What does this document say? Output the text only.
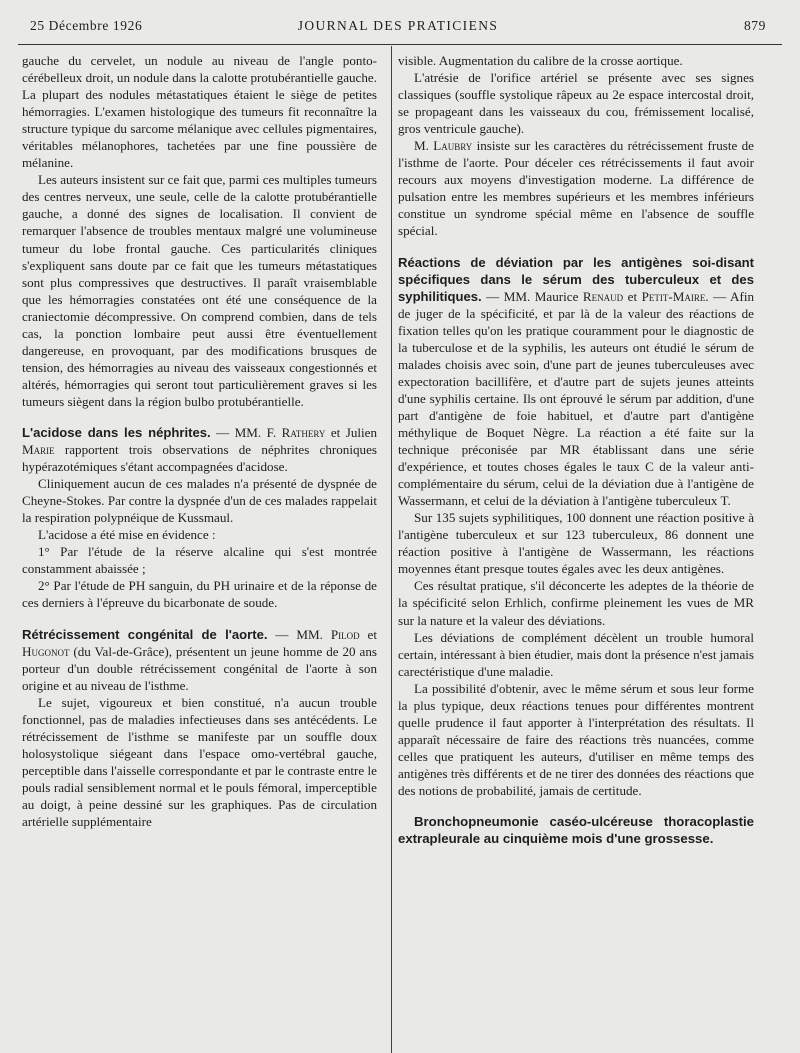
25 Décembre 1926	JOURNAL DES PRATICIENS	879

gauche du cervelet, un nodule au niveau de l'angle ponto-cérébelleux droit, un nodule dans la calotte protubérantielle gauche. La plupart des nodules métastatiques étaient le siège de petites hémorragies. L'examen histologique des tumeurs fit reconnaître la structure typique du sarcome mélanique avec cellules pigmentaires, véritables mélanophores, tachetées par une fine poussière de mélanine.

Les auteurs insistent sur ce fait que, parmi ces multiples tumeurs des centres nerveux, une seule, celle de la calotte protubérantielle gauche, a donné des signes de localisation. Il convient de remarquer l'absence de troubles mentaux malgré une volumineuse tumeur du lobe frontal gauche. Ces particularités cliniques s'expliquent sans doute par ce fait que les tumeurs métastatiques sont plus compressives que destructives. Il paraît vraisemblable que les hémorragies constatées ont été une conséquence de la craniectomie décompressive. On comprend combien, dans de tels cas, la ponction lombaire peut aussi être éventuellement dangereuse, en provoquant, par des modifications brusques de tension, des hémorragies au niveau des vaisseaux congestionnés et altérés, hémorragies qui seront tout particulièrement graves si les tumeurs siègent dans la région bulbo protubérantielle.

L'acidose dans les néphrites. — MM. F. Rathery et Julien Marie rapportent trois observations de néphrites chroniques hypérazotémiques s'étant accompagnées d'acidose.

Cliniquement aucun de ces malades n'a présenté de dyspnée de Cheyne-Stokes. Par contre la dyspnée d'un de ces malades rappelait la respiration polypnéique de Kussmaul.

L'acidose a été mise en évidence :

1° Par l'étude de la réserve alcaline qui s'est montrée constamment abaissée ;

2° Par l'étude de PH sanguin, du PH urinaire et de la réponse de ces derniers à l'épreuve du bicarbonate de soude.

Rétrécissement congénital de l'aorte. — MM. Pilod et Hugonot (du Val-de-Grâce), présentent un jeune homme de 20 ans porteur d'un double rétrécissement congénital de l'aorte à son origine et au niveau de l'isthme.

Le sujet, vigoureux et bien constitué, n'a aucun trouble fonctionnel, pas de maladies infectieuses dans ses antécédents. Le rétrécissement de l'isthme se manifeste par un souffle doux holosystolique siégeant dans l'espace omo-vertébral gauche, perceptible dans l'aisselle correspondante et par le contraste entre le pouls radial sensiblement normal et le pouls fémoral, imperceptible au doigt, à peine dessiné sur les graphiques. Pas de circulation artérielle supplémentaire

visible. Augmentation du calibre de la crosse aortique.

L'atrésie de l'orifice artériel se présente avec ses signes classiques (souffle systolique râpeux au 2e espace intercostal droit, se propageant dans les vaisseaux du cou, frémissement localisé, gros ventricule gauche).

M. Laubry insiste sur les caractères du rétrécissement fruste de l'isthme de l'aorte. Pour déceler ces rétrécissements il faut avoir recours aux moyens d'investigation moderne. La différence de pulsation entre les membres supérieurs et les membres inférieurs constitue un syndrome spécial même en l'absence de souffle spécial.

Réactions de déviation par les antigènes soi-disant spécifiques dans le sérum des tuberculeux et des syphilitiques. — MM. Maurice Renaud et Petit-Maire. — Afin de juger de la spécificité, et par là de la valeur des réactions de fixation telles qu'on les pratique couramment pour le diagnostic de la tuberculose et de la syphilis, les auteurs ont étudié le sérum de malades choisis avec soin, d'une part de jeunes tuberculeuses avec expectoration bacillifère, et d'autre part de sujets jeunes atteints d'une syphilis certaine. Ils ont éprouvé le sérum par addition, d'une part d'antigène de foie habituel, et d'autre part d'antigène méthylique de Boquet Nègre. La réaction a été faite sur la technique préconisée par MR établissant dans une série d'expérience, et toutes choses égales le taux C de la valeur anti-complémentaire du sérum, celui de la déviation due à l'antigène de Wassermann, et celui de la déviation à l'antigène tuberculeux T.

Sur 135 sujets syphilitiques, 100 donnent une réaction positive à l'antigène tuberculeux et sur 123 tuberculeux, 86 donnent une réaction positive à l'antigène de Wassermann, les réactions moyennes étant presque toutes égales avec les deux antigènes.

Ces résultat pratique, s'il déconcerte les adeptes de la théorie de la spécificité selon Erhlich, confirme pleinement les vues de MR sur la nature et la valeur des déviations.

Les déviations de complément décèlent un trouble humoral certain, intéressant à bien étudier, mais dont la présence n'est jamais carectéristique d'une maladie.

La possibilité d'obtenir, avec le même sérum et sous leur forme la plus typique, deux réactions tenues pour différentes montrent quelle prudence il faut apporter à l'interprétation des résultats. Il apparaît nécessaire de faire des réactions très nuancées, comme celles que pratiquent les auteurs, d'utiliser en même temps des antigènes très différents et de ne tirer des données des réactions que des notions de probabilité, jamais de certitude.

Bronchopneumonie caséo-ulcéreuse thoracoplastie extrapleurale au cinquième mois d'une grossesse.
